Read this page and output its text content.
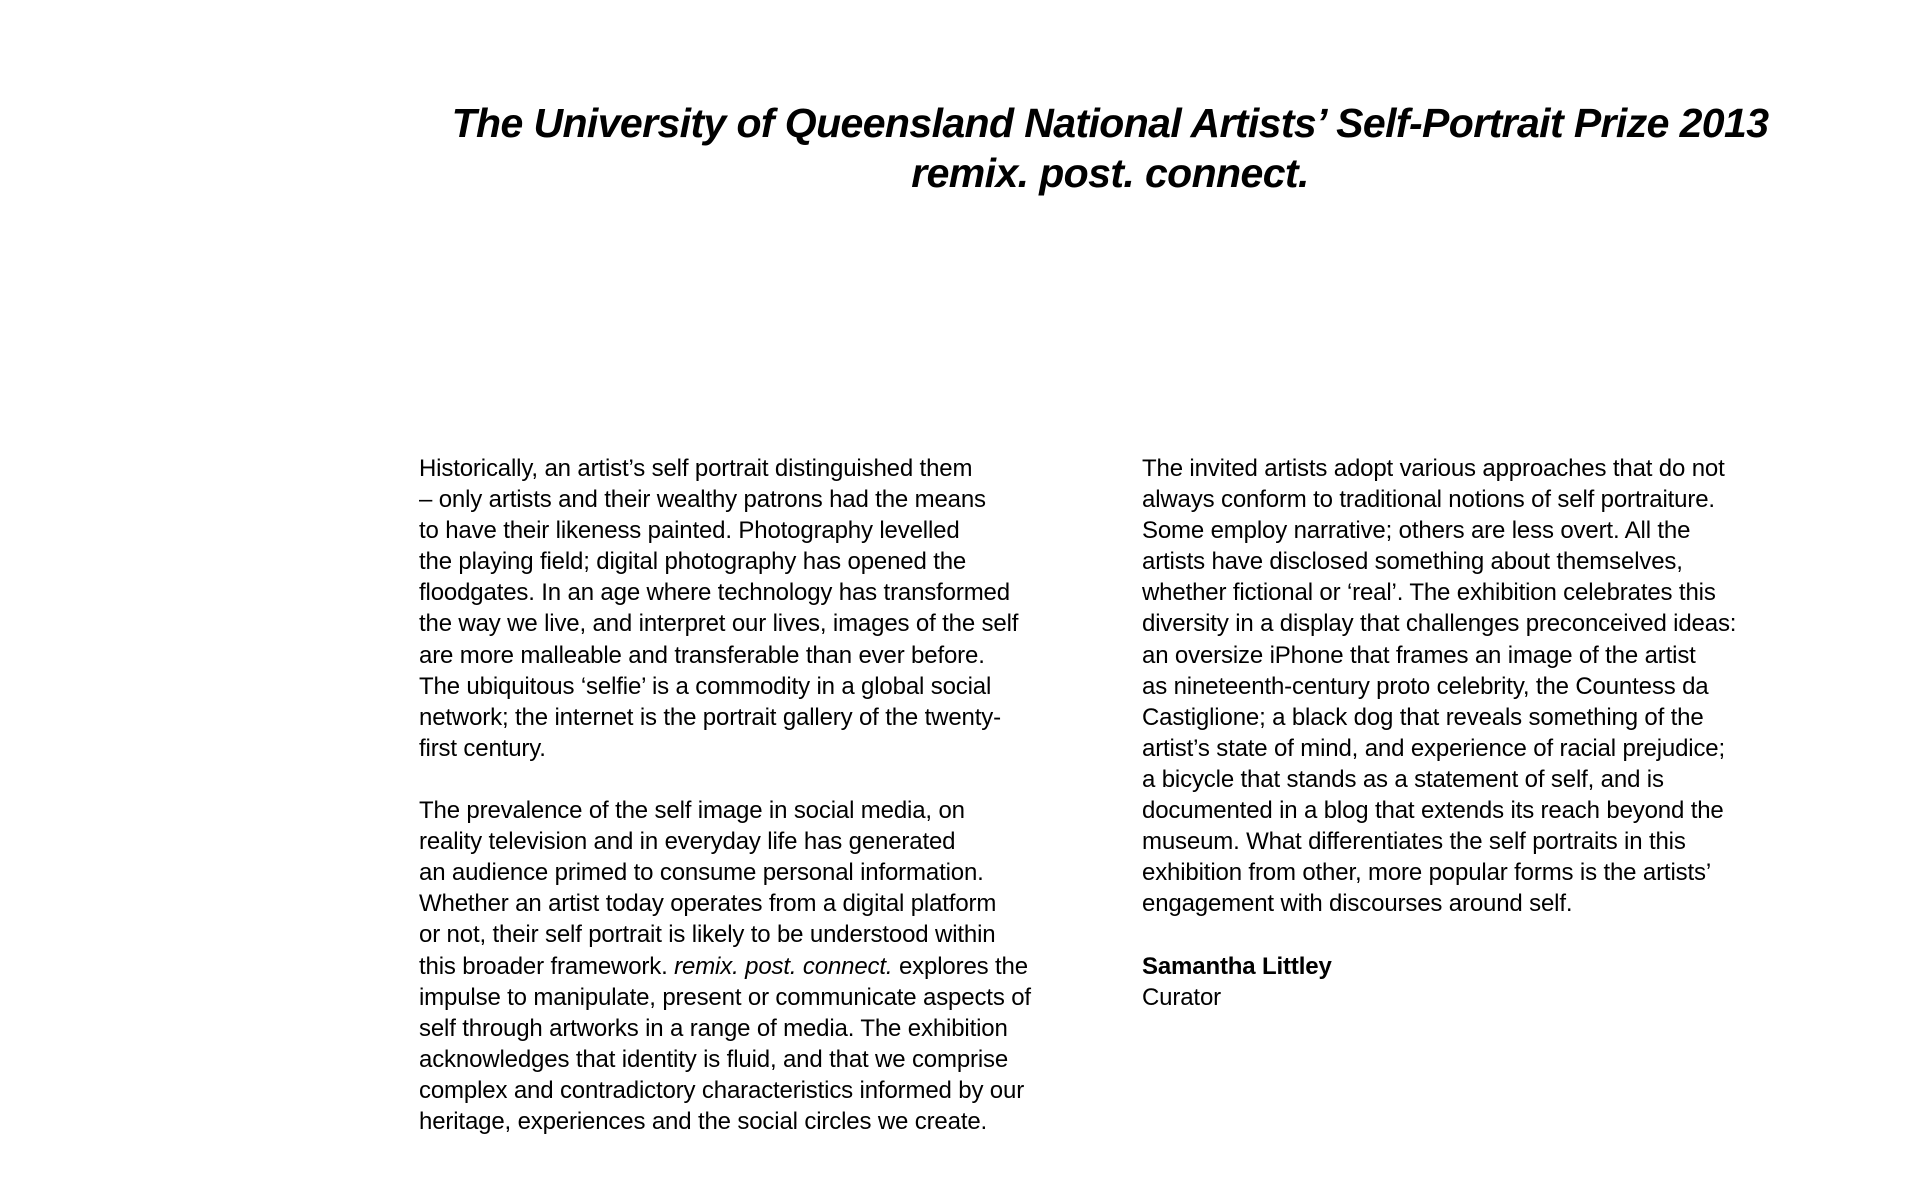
The University of Queensland National Artists’ Self-Portrait Prize 2013
remix. post. connect.
Historically, an artist’s self portrait distinguished them
– only artists and their wealthy patrons had the means
to have their likeness painted. Photography levelled
the playing field; digital photography has opened the
floodgates. In an age where technology has transformed
the way we live, and interpret our lives, images of the self
are more malleable and transferable than ever before.
The ubiquitous ‘selfie’ is a commodity in a global social
network; the internet is the portrait gallery of the twenty-
first century.
The prevalence of the self image in social media, on
reality television and in everyday life has generated
an audience primed to consume personal information.
Whether an artist today operates from a digital platform
or not, their self portrait is likely to be understood within
this broader framework. remix. post. connect. explores the
impulse to manipulate, present or communicate aspects of
self through artworks in a range of media. The exhibition
acknowledges that identity is fluid, and that we comprise
complex and contradictory characteristics informed by our
heritage, experiences and the social circles we create.
The invited artists adopt various approaches that do not
always conform to traditional notions of self portraiture.
Some employ narrative; others are less overt. All the
artists have disclosed something about themselves,
whether fictional or ‘real’. The exhibition celebrates this
diversity in a display that challenges preconceived ideas:
an oversize iPhone that frames an image of the artist
as nineteenth-century proto celebrity, the Countess da
Castiglione; a black dog that reveals something of the
artist’s state of mind, and experience of racial prejudice;
a bicycle that stands as a statement of self, and is
documented in a blog that extends its reach beyond the
museum. What differentiates the self portraits in this
exhibition from other, more popular forms is the artists’
engagement with discourses around self.
Samantha Littley
Curator
